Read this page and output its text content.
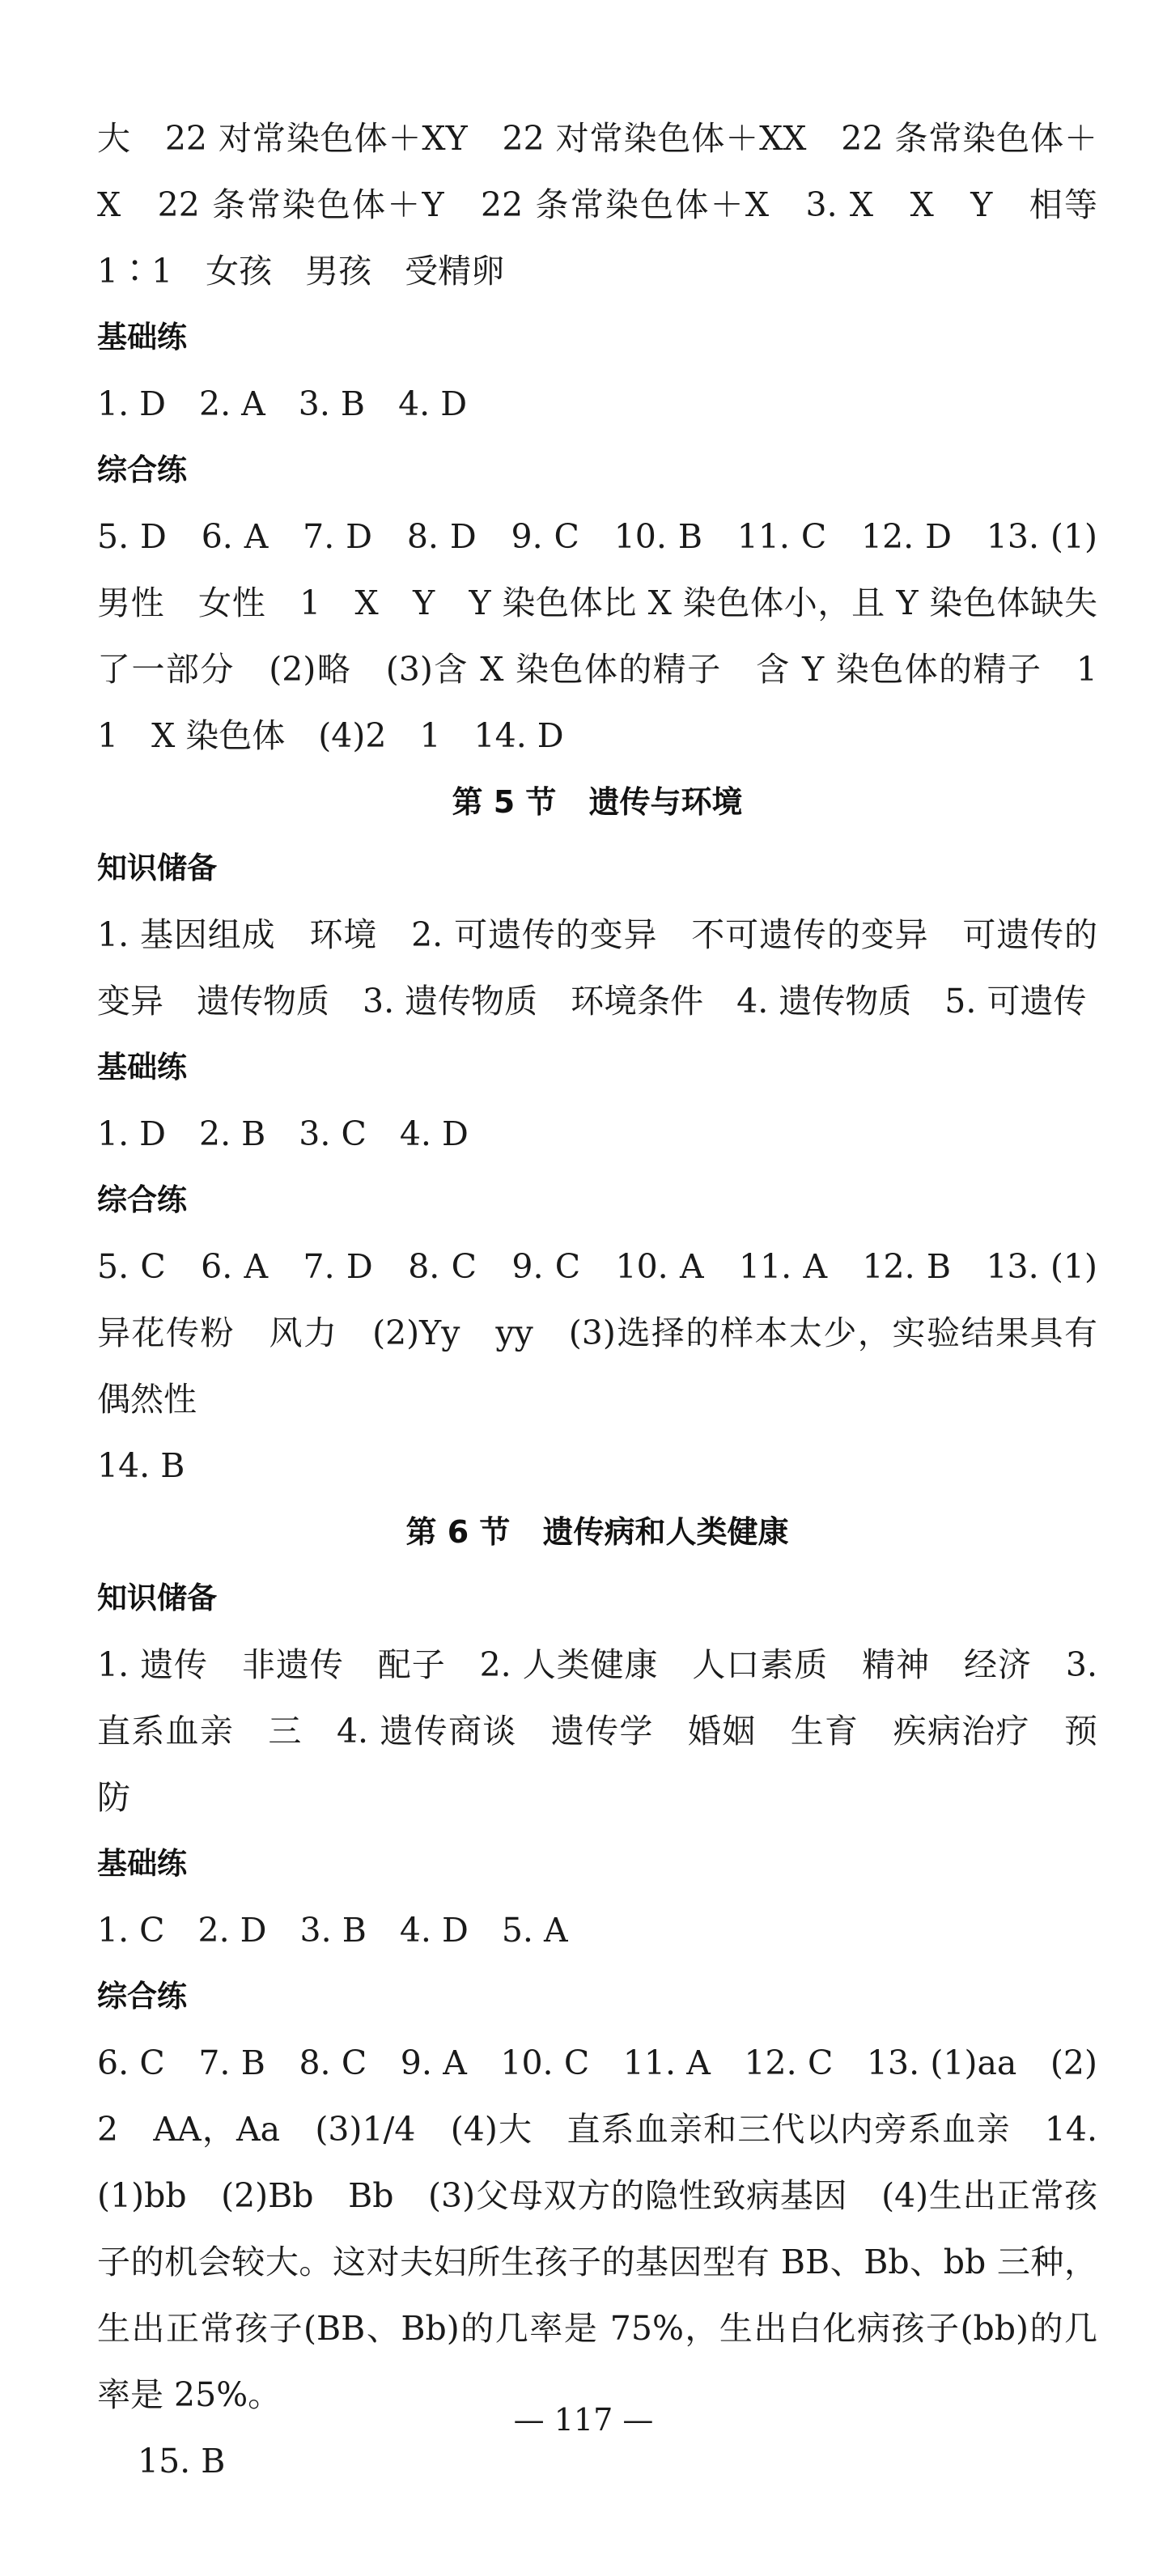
大　22 对常染色体＋XY　22 对常染色体＋XX　22 条常染色体＋X　22 条常染色体＋Y　22 条常染色体＋X　3. X　X　Y　相等　1∶1　女孩　男孩　受精卵

基础练

1. D　2. A　3. B　4. D

综合练

5. D　6. A　7. D　8. D　9. C　10. B　11. C　12. D　13. (1)男性　女性　1　X　Y　Y 染色体比 X 染色体小，且 Y 染色体缺失了一部分　(2)略　(3)含 X 染色体的精子　含 Y 染色体的精子　1　1　X 染色体　(4)2　1　14. D

第 5 节 遗传与环境

知识储备

1. 基因组成　环境　2. 可遗传的变异　不可遗传的变异　可遗传的变异　遗传物质　3. 遗传物质　环境条件　4. 遗传物质　5. 可遗传

基础练

1. D　2. B　3. C　4. D

综合练

5. C　6. A　7. D　8. C　9. C　10. A　11. A　12. B　13. (1)异花传粉　风力　(2)Yy　yy　(3)选择的样本太少，实验结果具有偶然性

14. B

第 6 节 遗传病和人类健康

知识储备

1. 遗传　非遗传　配子　2. 人类健康　人口素质　精神　经济　3. 直系血亲　三　4. 遗传商谈　遗传学　婚姻　生育　疾病治疗　预防

基础练

1. C　2. D　3. B　4. D　5. A

综合练

6. C　7. B　8. C　9. A　10. C　11. A　12. C　13. (1)aa　(2)2　AA，Aa　(3)1/4　(4)大　直系血亲和三代以内旁系血亲　14. (1)bb　(2)Bb　Bb　(3)父母双方的隐性致病基因　(4)生出正常孩子的机会较大。这对夫妇所生孩子的基因型有 BB、Bb、bb 三种，生出正常孩子(BB、Bb)的几率是 75%，生出白化病孩子(bb)的几率是 25%。

15. B

— 117 —
